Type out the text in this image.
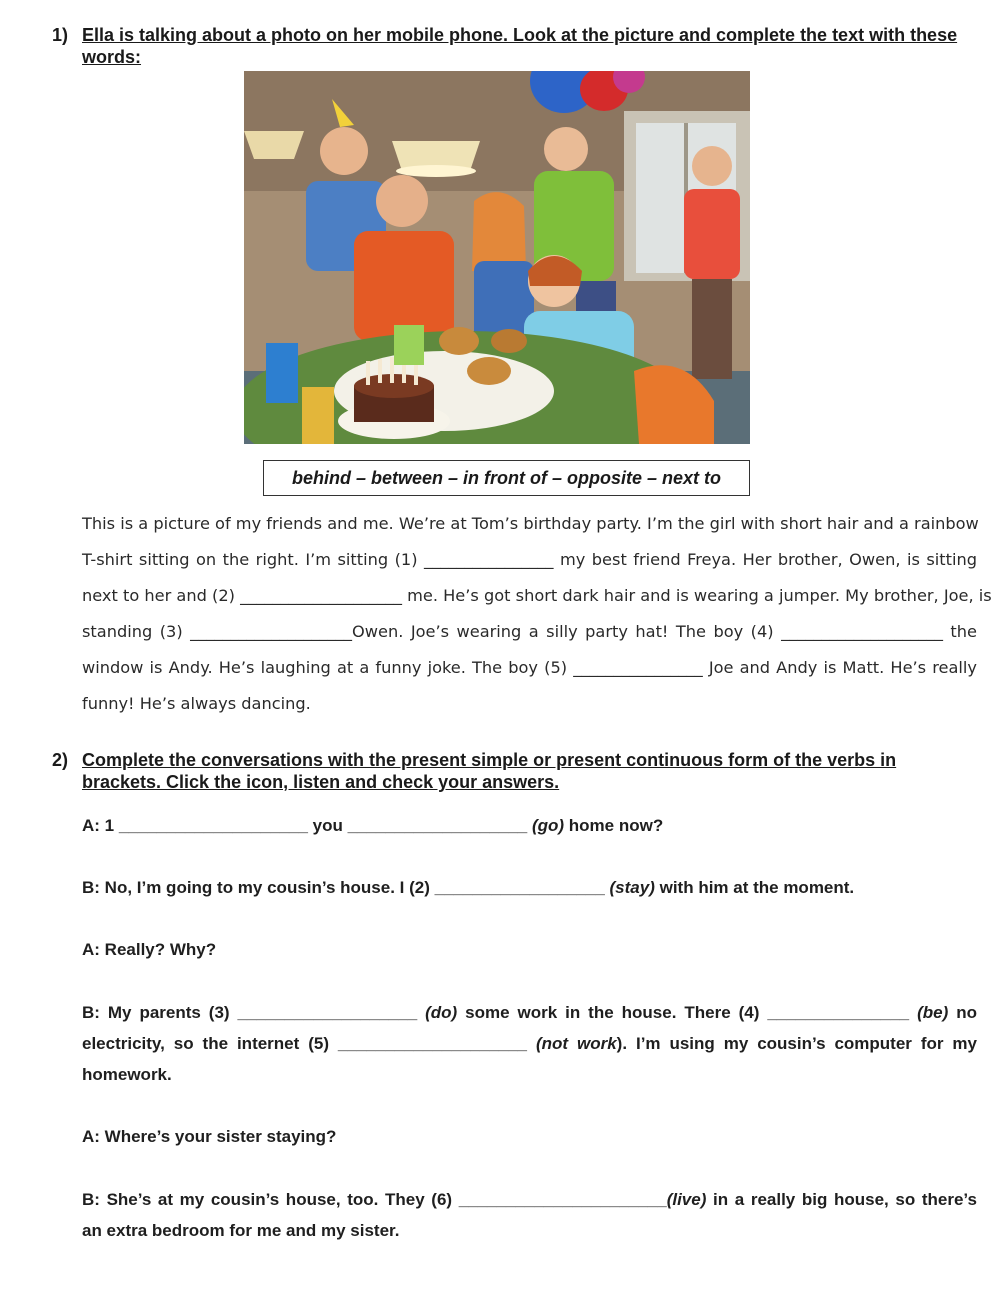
1) Ella is talking about a photo on her mobile phone. Look at the picture and complete the text with these words:
behind – between – in front of – opposite – next to
This is a picture of my friends and me. We’re at Tom’s birthday party. I’m the girl with short hair and a rainbow
T-shirt sitting on the right. I’m sitting (1) ________________ my best friend Freya. Her brother, Owen, is sitting
next to her and (2) ____________________ me. He’s got short dark hair and is wearing a jumper. My brother, Joe, is
standing (3) ____________________Owen. Joe’s wearing a silly party hat! The boy (4) ____________________ the
window is Andy. He’s laughing at a funny joke. The boy (5) ________________ Joe and Andy is Matt. He’s really
funny! He’s always dancing.
2) Complete the conversations with the present simple or present continuous form of the verbs in brackets. Click the icon, listen and check your answers.
A: 1 ____________________ you ___________________ (go) home now?
B: No, I’m going to my cousin’s house. I (2) __________________ (stay) with him at the moment.
A: Really? Why?
B: My parents (3) ___________________ (do) some work in the house. There (4) _______________ (be) no
electricity, so the internet (5) ____________________ (not work). I’m using my cousin’s computer for my
homework.
A: Where’s your sister staying?
B: She’s at my cousin’s house, too. They (6) ______________________(live) in a really big house, so there’s
an extra bedroom for me and my sister.
